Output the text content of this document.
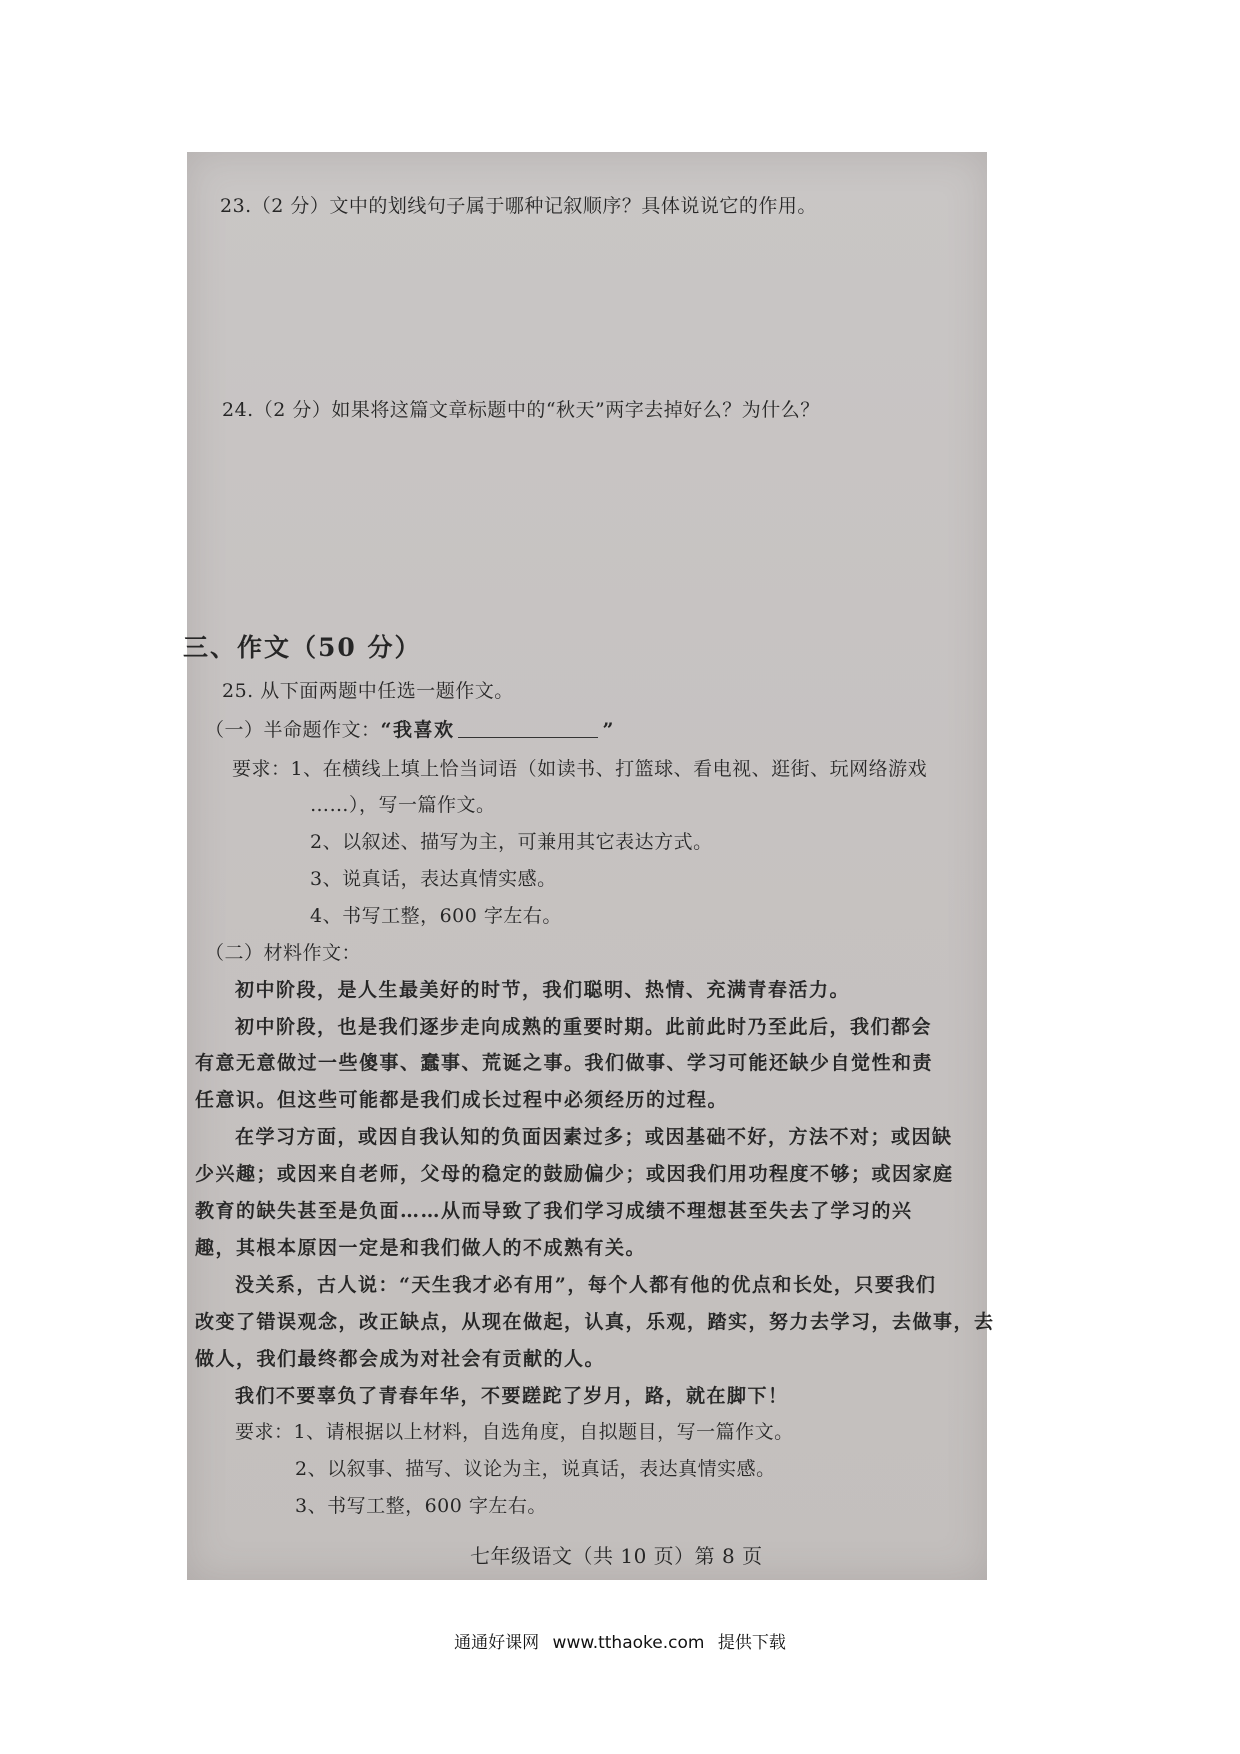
23.（2 分）文中的划线句子属于哪种记叙顺序？具体说说它的作用。
24.（2 分）如果将这篇文章标题中的“秋天”两字去掉好么？为什么？
三、作文（50 分）
25. 从下面两题中任选一题作文。
（一）半命题作文：“我喜欢	”
要求：1、在横线上填上恰当词语（如读书、打篮球、看电视、逛街、玩网络游戏
……），写一篇作文。
2、以叙述、描写为主，可兼用其它表达方式。
3、说真话，表达真情实感。
4、书写工整，600 字左右。
（二）材料作文：
初中阶段，是人生最美好的时节，我们聪明、热情、充满青春活力。
初中阶段，也是我们逐步走向成熟的重要时期。此前此时乃至此后，我们都会
有意无意做过一些傻事、蠢事、荒诞之事。我们做事、学习可能还缺少自觉性和责
任意识。但这些可能都是我们成长过程中必须经历的过程。
在学习方面，或因自我认知的负面因素过多；或因基础不好，方法不对；或因缺
少兴趣；或因来自老师，父母的稳定的鼓励偏少；或因我们用功程度不够；或因家庭
教育的缺失甚至是负面……从而导致了我们学习成绩不理想甚至失去了学习的兴
趣，其根本原因一定是和我们做人的不成熟有关。
没关系，古人说：“天生我才必有用”，每个人都有他的优点和长处，只要我们
改变了错误观念，改正缺点，从现在做起，认真，乐观，踏实，努力去学习，去做事，去
做人，我们最终都会成为对社会有贡献的人。
我们不要辜负了青春年华，不要蹉跎了岁月，路，就在脚下！
要求：1、请根据以上材料，自选角度，自拟题目，写一篇作文。
2、以叙事、描写、议论为主，说真话，表达真情实感。
3、书写工整，600 字左右。
七年级语文（共 10 页）第 8 页
通通好课网 www.tthaoke.com 提供下载
